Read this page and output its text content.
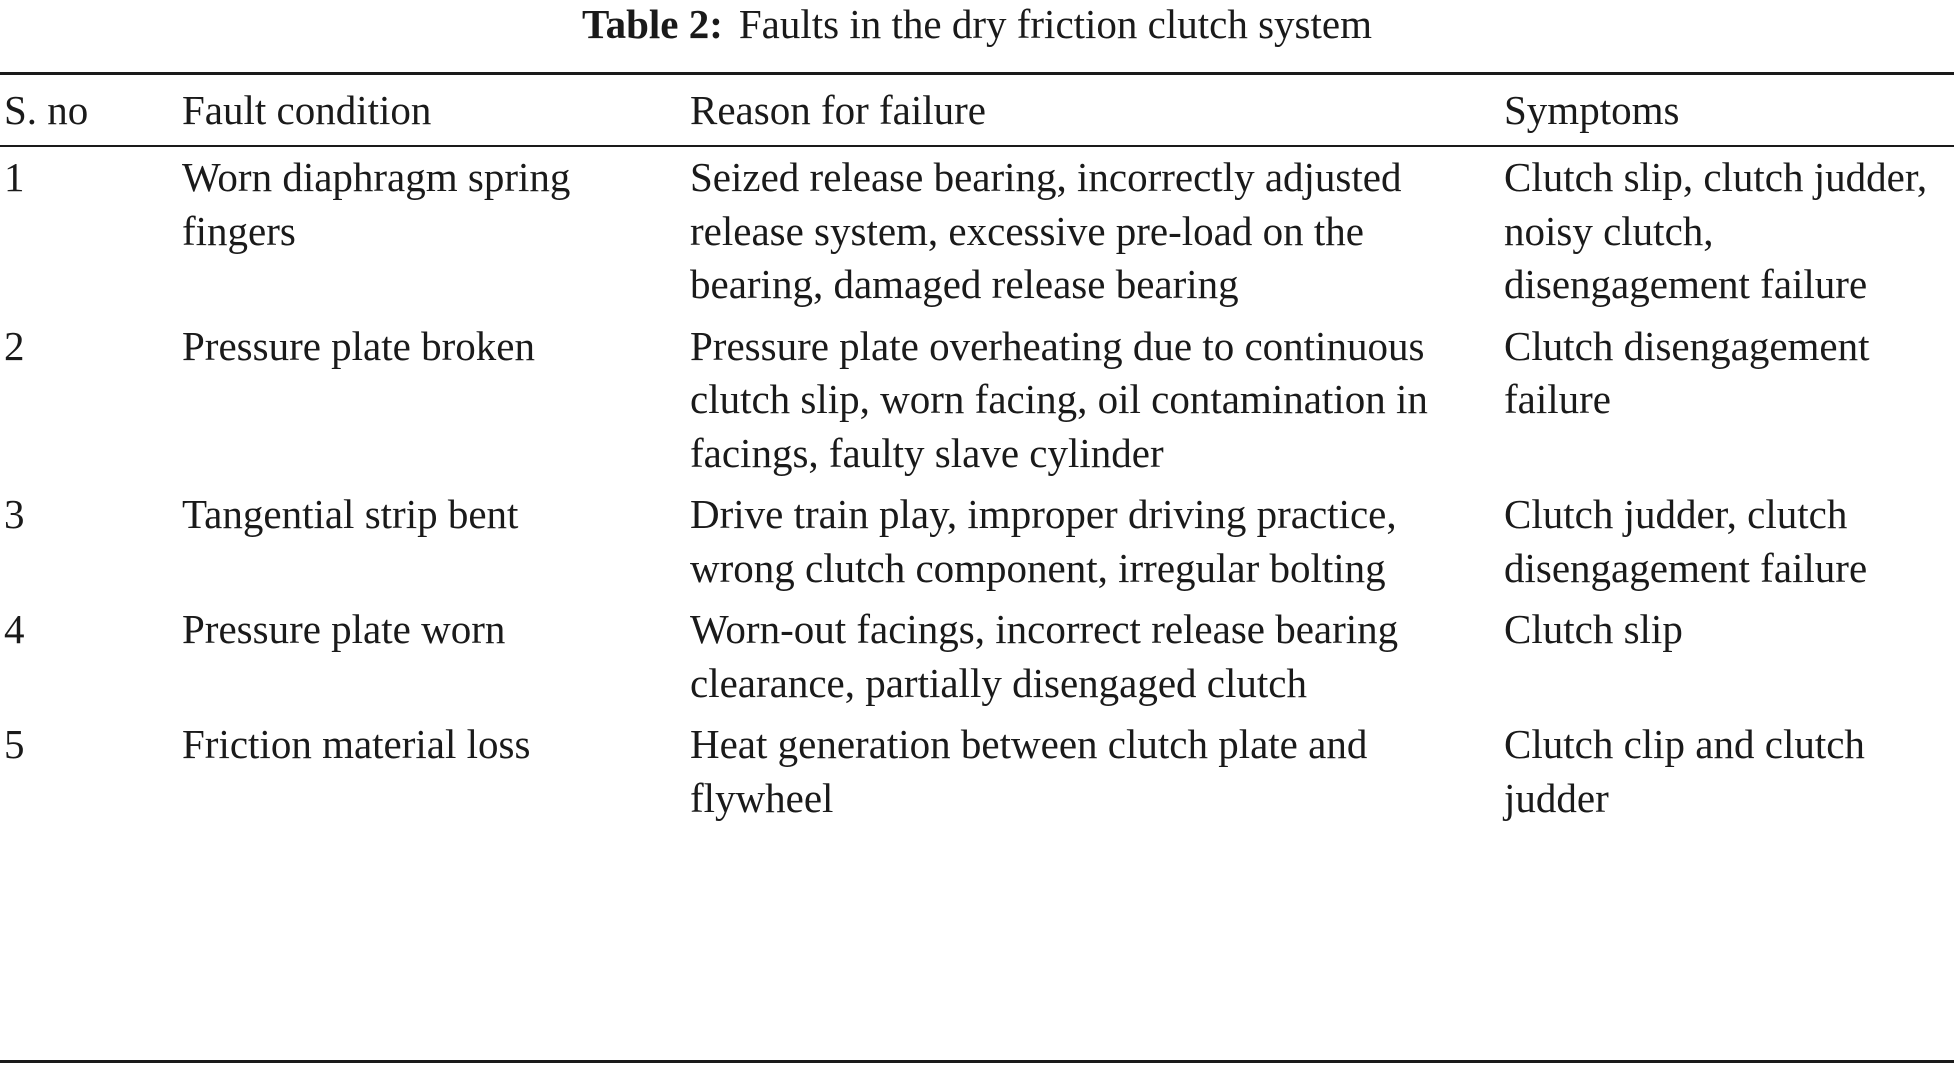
Table 2: Faults in the dry friction clutch system
S. no	Fault condition	Reason for failure	Symptoms
1	Worn diaphragm spring fingers	Seized release bearing, incorrectly adjusted release system, excessive pre-load on the bearing, damaged release bearing	Clutch slip, clutch judder, noisy clutch, disengagement failure
2	Pressure plate broken	Pressure plate overheating due to continuous clutch slip, worn facing, oil contamination in facings, faulty slave cylinder	Clutch disengagement failure
3	Tangential strip bent	Drive train play, improper driving practice, wrong clutch component, irregular bolting	Clutch judder, clutch disengagement failure
4	Pressure plate worn	Worn-out facings, incorrect release bearing clearance, partially disengaged clutch	Clutch slip
5	Friction material loss	Heat generation between clutch plate and flywheel	Clutch clip and clutch judder
